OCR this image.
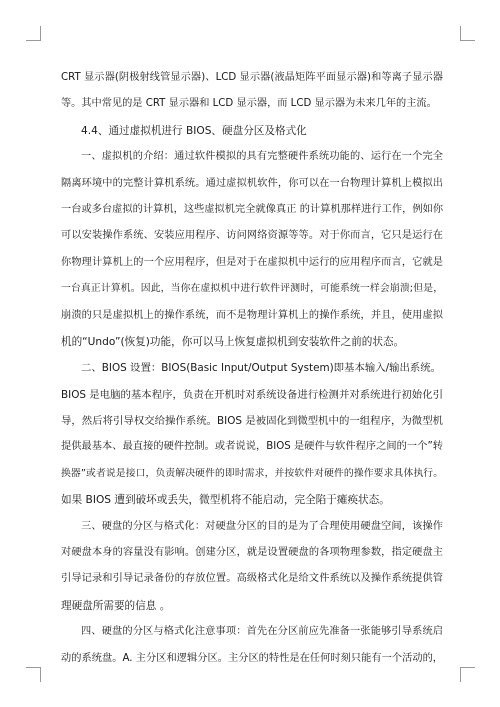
CRT 显示器(阴极射线管显示器)、LCD 显示器(液晶矩阵平面显示器)和等离子显示器
等。其中常见的是 CRT 显示器和 LCD 显示器，而 LCD 显示器为未来几年的主流。
4.4、通过虚拟机进行 BIOS、硬盘分区及格式化
一、虚拟机的介绍：通过软件模拟的具有完整硬件系统功能的、运行在一个完全
隔离环境中的完整计算机系统。通过虚拟机软件，你可以在一台物理计算机上模拟出
一台或多台虚拟的计算机，这些虚拟机完全就像真正 的计算机那样进行工作，例如你
可以安装操作系统、安装应用程序、访问网络资源等等。对于你而言，它只是运行在
你物理计算机上的一个应用程序，但是对于在虚拟机中运行的应用程序而言，它就是
一台真正计算机。因此，当你在虚拟机中进行软件评测时，可能系统一样会崩溃;但是，
崩溃的只是虚拟机上的操作系统，而不是物理计算机上的操作系统，并且，使用虚拟
机的“Undo”(恢复)功能，你可以马上恢复虚拟机到安装软件之前的状态。
二、BIOS 设置：BIOS(Basic Input/Output System)即基本输入/输出系统。
BIOS 是电脑的基本程序，负责在开机时对系统设备进行检测并对系统进行初始化引
导，然后将引导权交给操作系统。BIOS 是被固化到微型机中的一组程序，为微型机
提供最基本、最直接的硬件控制。或者说说，BIOS 是硬件与软件程序之间的一个”转
换器”或者说是接口，负责解决硬件的即时需求，并按软件对硬件的操作要求具体执行。
如果 BIOS 遭到破坏或丢失，微型机将不能启动，完全陷于瘫痪状态。
三、硬盘的分区与格式化：对硬盘分区的目的是为了合理使用硬盘空间，该操作
对硬盘本身的容量没有影响。创建分区，就是设置硬盘的各项物理参数，指定硬盘主
引导记录和引导记录备份的存放位置。高级格式化是给文件系统以及操作系统提供管
理硬盘所需要的信息 。
四、硬盘的分区与格式化注意事项：首先在分区前应先准备一张能够引导系统启
动的系统盘。A. 主分区和逻辑分区。主分区的特性是在任何时刻只能有一个活动的，
